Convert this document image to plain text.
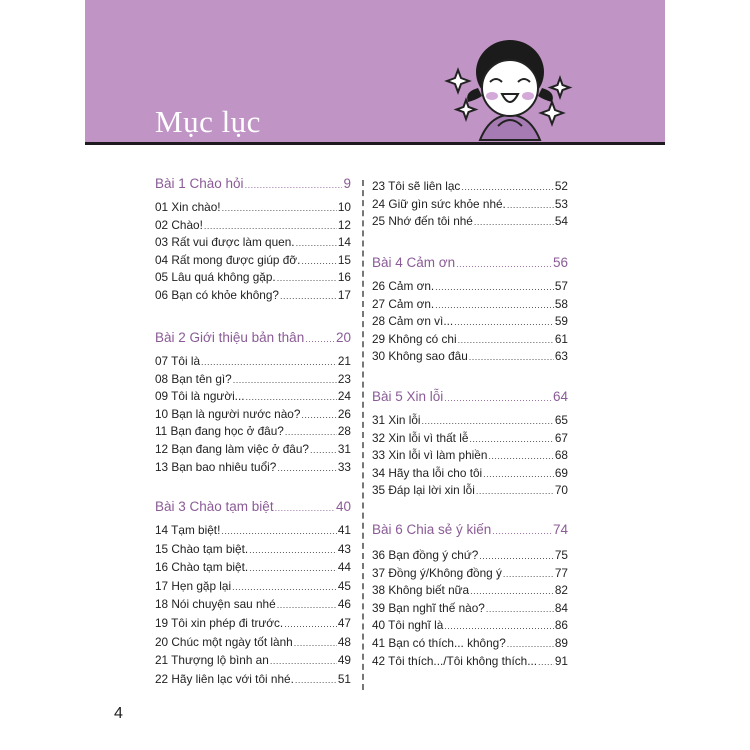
Mục lục
Bài 1 Chào hỏi .....	9
01 Xin chào! .....	10
02 Chào! .....	12
03 Rất vui được làm quen. .....	14
04 Rất mong được giúp đỡ. .....	15
05 Lâu quá không gặp. .....	16
06 Bạn có khỏe không? .....	17
Bài 2 Giới thiệu bản thân ..... 20
07 Tôi là .....	21
08 Bạn tên gì? .....	23
09 Tôi là người... .....	24
10 Bạn là người nước nào? .....	26
11 Bạn đang học ở đâu? .....	28
12 Bạn đang làm việc ở đâu? ..... 31
13 Bạn bao nhiêu tuổi? .....	33
Bài 3 Chào tạm biệt .....	40
14 Tạm biệt! .....	41
15 Chào tạm biệt. .....	43
16 Chào tạm biệt. .....	44
17 Hẹn gặp lại .....	45
18 Nói chuyện sau nhé .....	46
19 Tôi xin phép đi trước. .....	47
20 Chúc một ngày tốt lành .....	48
21 Thượng lộ bình an .....	49
22 Hãy liên lạc với tôi nhé. .....	51
23 Tôi sẽ liên lạc .....	52
24 Giữ gìn sức khỏe nhé. .....	53
25 Nhớ đến tôi nhé .....	54
Bài 4 Cảm ơn .....	56
26 Cảm ơn. .....	57
27 Cảm ơn. .....	58
28 Cảm ơn vì... .....	59
29 Không có chi .....	61
30 Không sao đâu .....	63
Bài 5 Xin lỗi .....	64
31 Xin lỗi .....	65
32 Xin lỗi vì thất lễ .....	67
33 Xin lỗi vì làm phiền .....	68
34 Hãy tha lỗi cho tôi .....	69
35 Đáp lại lời xin lỗi .....	70
Bài 6 Chia sẻ ý kiến .....	74
36 Bạn đồng ý chứ? .....	75
37 Đồng ý/Không đồng ý .....	77
38 Không biết nữa .....	82
39 Bạn nghĩ thế nào? .....	84
40 Tôi nghĩ là .....	86
41 Bạn có thích... không? .....	89
42 Tôi thích.../Tôi không thích... ..... 91
4
